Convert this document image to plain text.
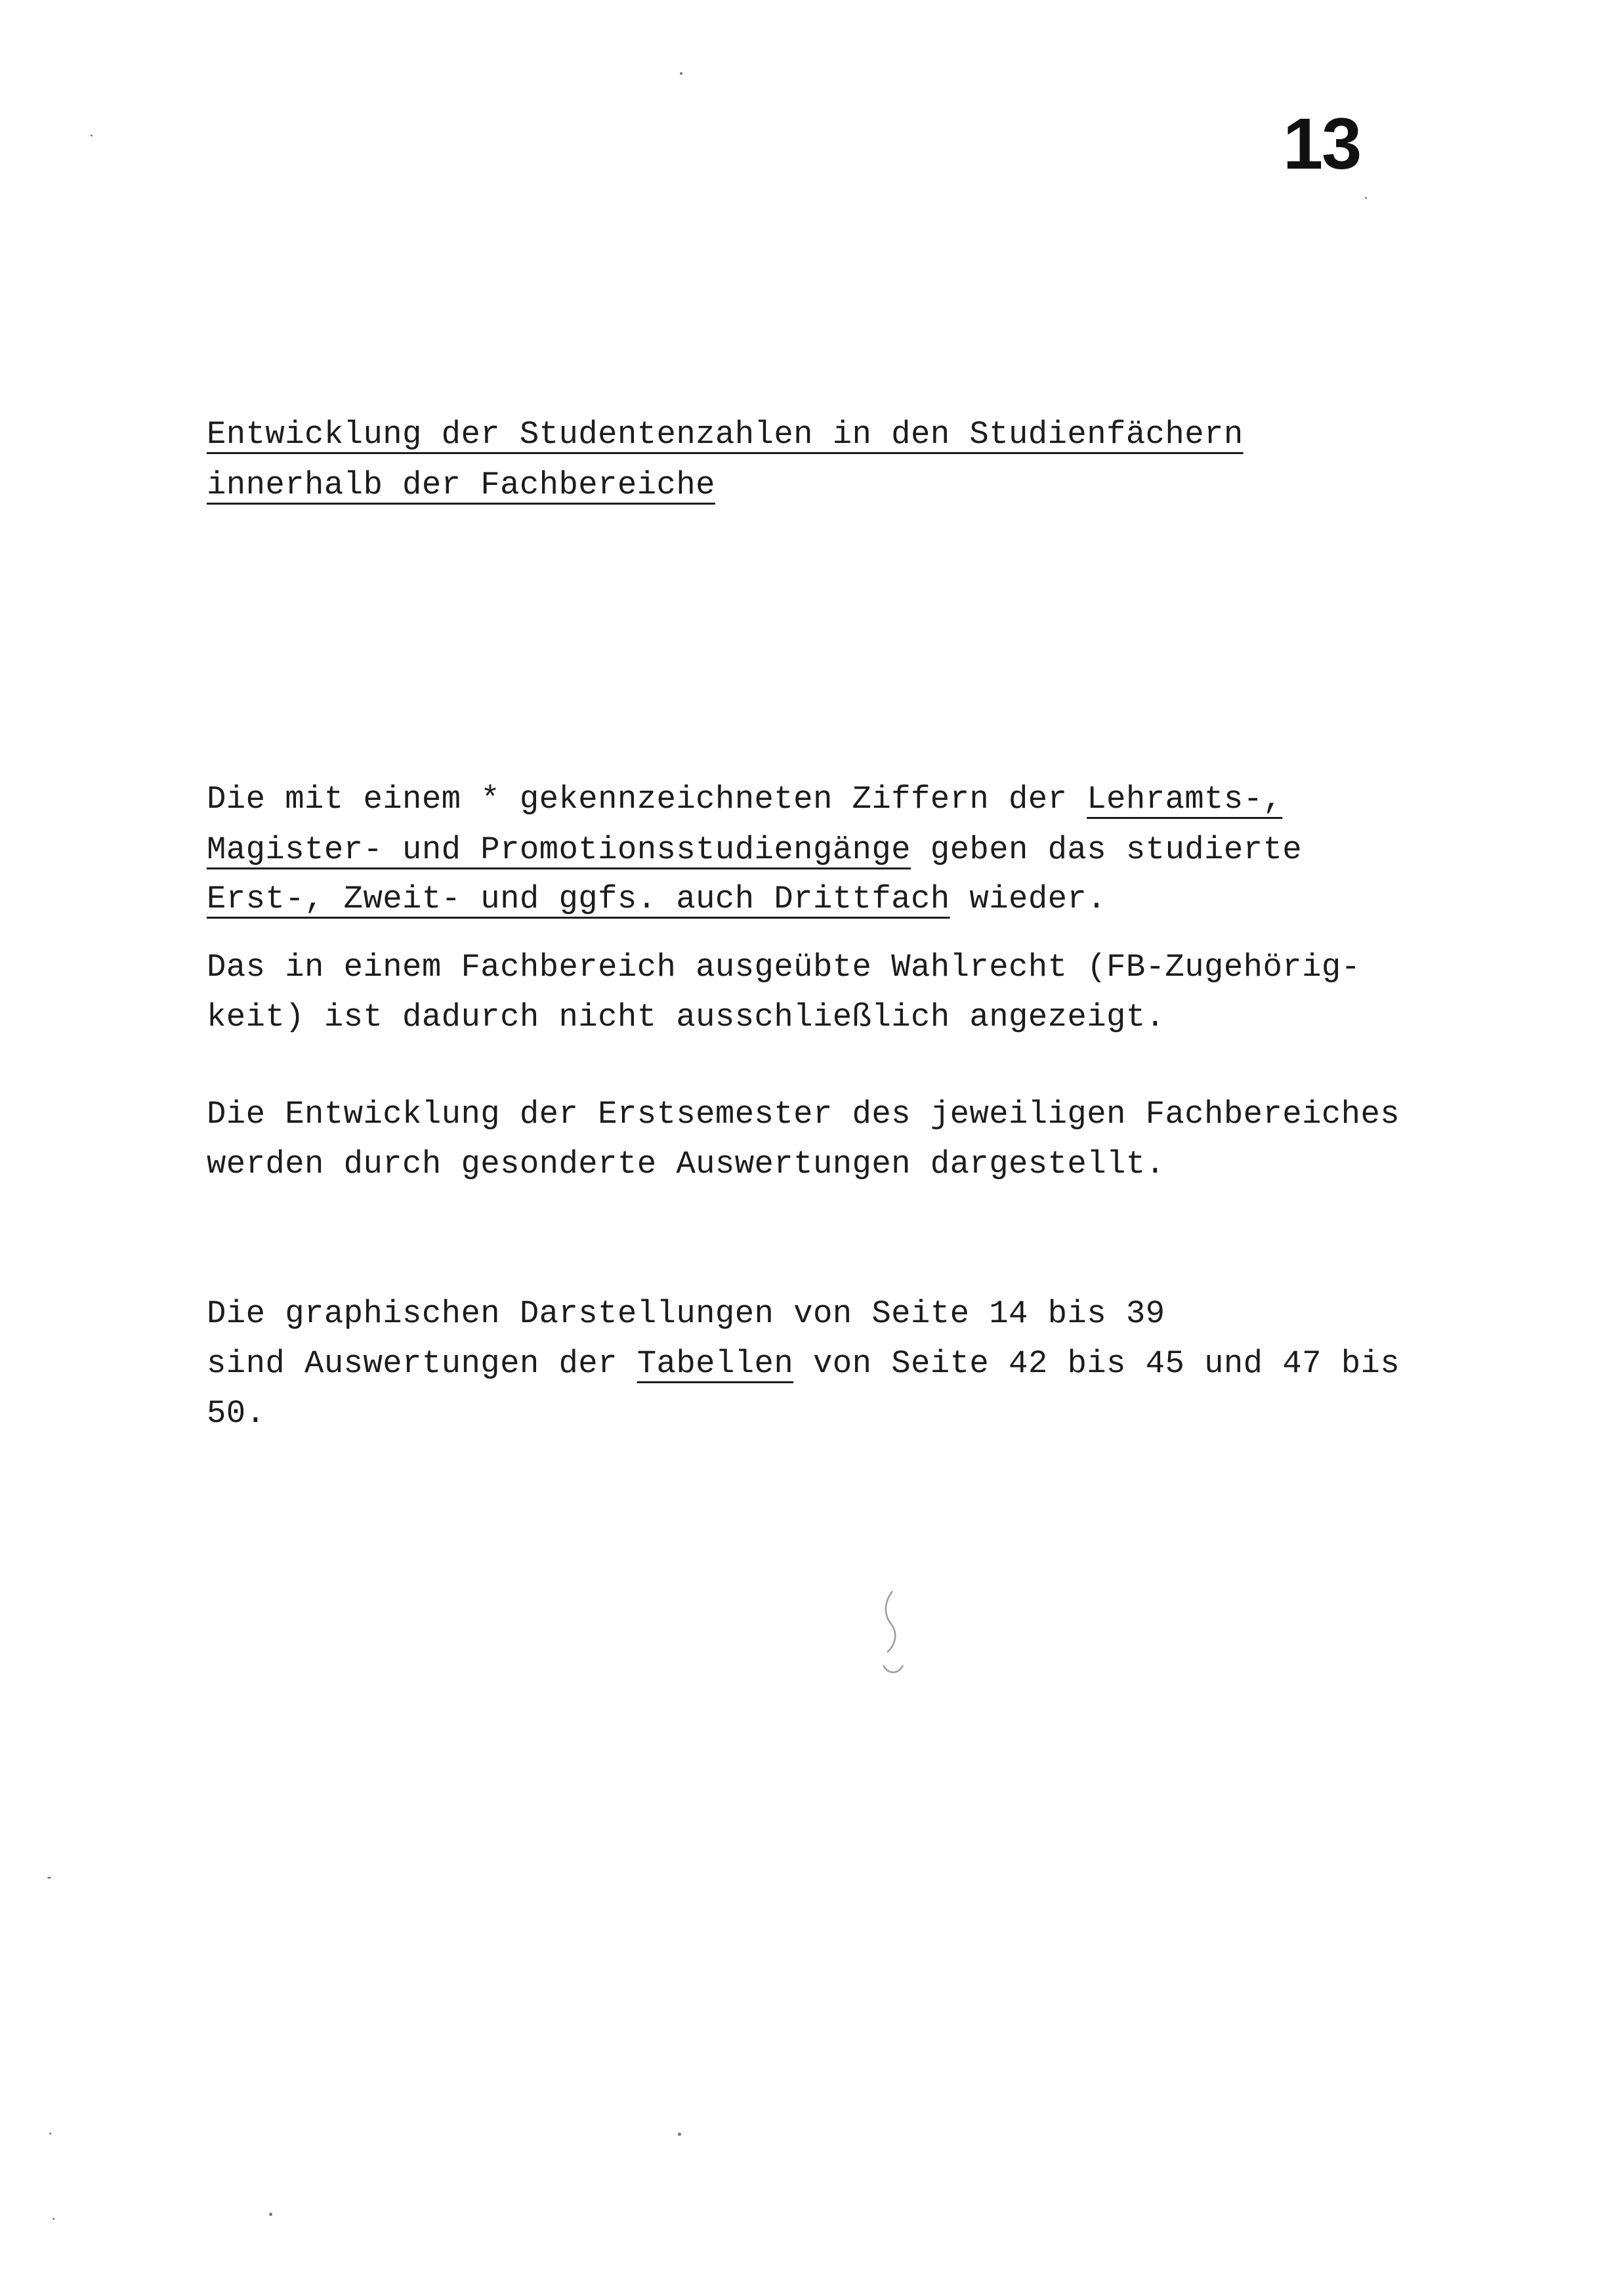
13
Entwicklung der Studentenzahlen in den Studienfächern
innerhalb der Fachbereiche
Die mit einem * gekennzeichneten Ziffern der Lehramts-,
Magister- und Promotionsstudiengänge geben das studierte
Erst-, Zweit- und ggfs. auch Drittfach wieder.
Das in einem Fachbereich ausgeübte Wahlrecht (FB-Zugehörig-
keit) ist dadurch nicht ausschließlich angezeigt.
Die Entwicklung der Erstsemester des jeweiligen Fachbereiches
werden durch gesonderte Auswertungen dargestellt.
Die graphischen Darstellungen von Seite 14 bis 39
sind Auswertungen der Tabellen von Seite 42 bis 45 und 47 bis
50.
